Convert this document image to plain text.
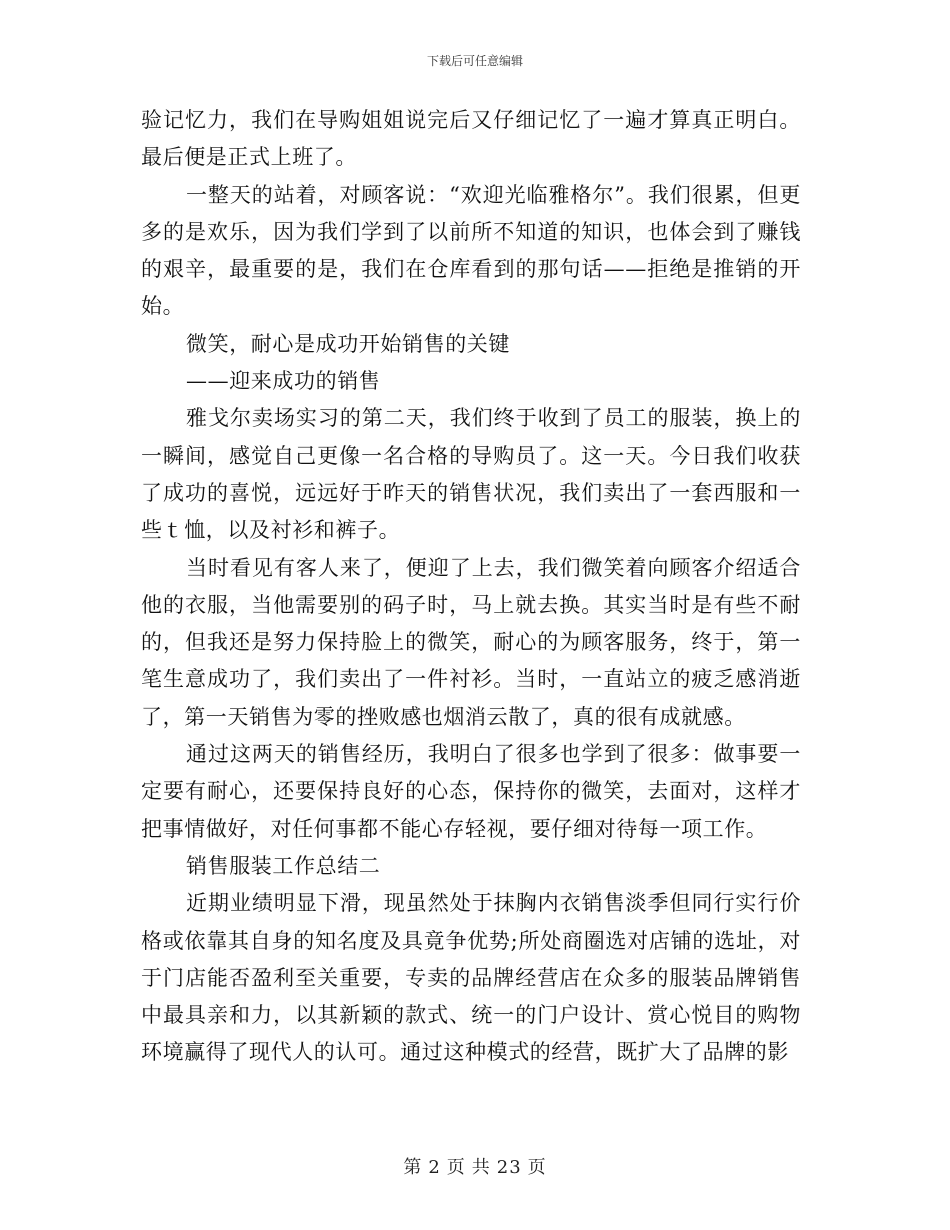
下载后可任意编辑

验记忆力，我们在导购姐姐说完后又仔细记忆了一遍才算真正明白。最后便是正式上班了。

一整天的站着，对顾客说：“欢迎光临雅格尔”。我们很累，但更多的是欢乐，因为我们学到了以前所不知道的知识，也体会到了赚钱的艰辛，最重要的是，我们在仓库看到的那句话——拒绝是推销的开始。

微笑，耐心是成功开始销售的关键

——迎来成功的销售

雅戈尔卖场实习的第二天，我们终于收到了员工的服装，换上的一瞬间，感觉自己更像一名合格的导购员了。这一天。今日我们收获了成功的喜悦，远远好于昨天的销售状况，我们卖出了一套西服和一些ｔ恤，以及衬衫和裤子。

当时看见有客人来了，便迎了上去，我们微笑着向顾客介绍适合他的衣服，当他需要别的码子时，马上就去换。其实当时是有些不耐的，但我还是努力保持脸上的微笑，耐心的为顾客服务，终于，第一笔生意成功了，我们卖出了一件衬衫。当时，一直站立的疲乏感消逝了，第一天销售为零的挫败感也烟消云散了，真的很有成就感。

通过这两天的销售经历，我明白了很多也学到了很多：做事要一定要有耐心，还要保持良好的心态，保持你的微笑，去面对，这样才把事情做好，对任何事都不能心存轻视，要仔细对待每一项工作。

销售服装工作总结二

近期业绩明显下滑，现虽然处于抹胸内衣销售淡季但同行实行价格或依靠其自身的知名度及具竟争优势;所处商圈选对店铺的选址，对于门店能否盈利至关重要，专卖的品牌经营店在众多的服装品牌销售中最具亲和力，以其新颖的款式、统一的门户设计、赏心悦目的购物环境赢得了现代人的认可。通过这种模式的经营，既扩大了品牌的影

第 2 页 共 23 页
